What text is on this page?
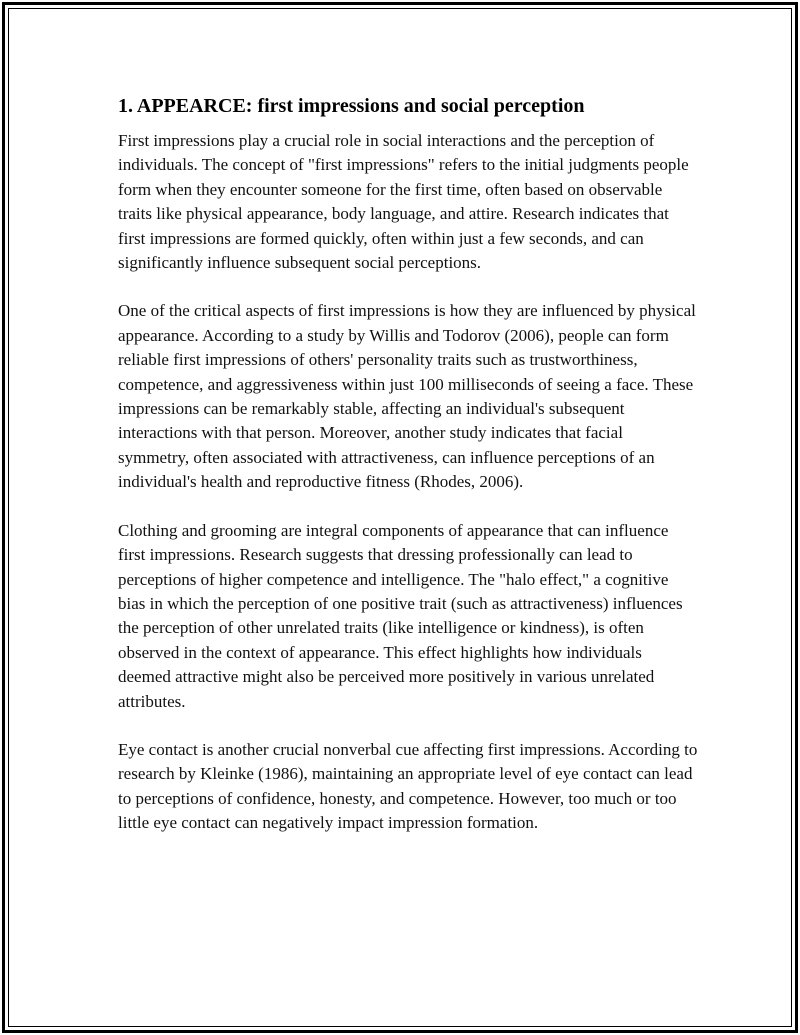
1. APPEARCE: first impressions and social perception

First impressions play a crucial role in social interactions and the perception of individuals. The concept of "first impressions" refers to the initial judgments people form when they encounter someone for the first time, often based on observable traits like physical appearance, body language, and attire. Research indicates that first impressions are formed quickly, often within just a few seconds, and can significantly influence subsequent social perceptions.

One of the critical aspects of first impressions is how they are influenced by physical appearance. According to a study by Willis and Todorov (2006), people can form reliable first impressions of others' personality traits such as trustworthiness, competence, and aggressiveness within just 100 milliseconds of seeing a face. These impressions can be remarkably stable, affecting an individual's subsequent interactions with that person. Moreover, another study indicates that facial symmetry, often associated with attractiveness, can influence perceptions of an individual's health and reproductive fitness (Rhodes, 2006).

Clothing and grooming are integral components of appearance that can influence first impressions. Research suggests that dressing professionally can lead to perceptions of higher competence and intelligence. The "halo effect," a cognitive bias in which the perception of one positive trait (such as attractiveness) influences the perception of other unrelated traits (like intelligence or kindness), is often observed in the context of appearance. This effect highlights how individuals deemed attractive might also be perceived more positively in various unrelated attributes.

Eye contact is another crucial nonverbal cue affecting first impressions. According to research by Kleinke (1986), maintaining an appropriate level of eye contact can lead to perceptions of confidence, honesty, and competence. However, too much or too little eye contact can negatively impact impression formation.
